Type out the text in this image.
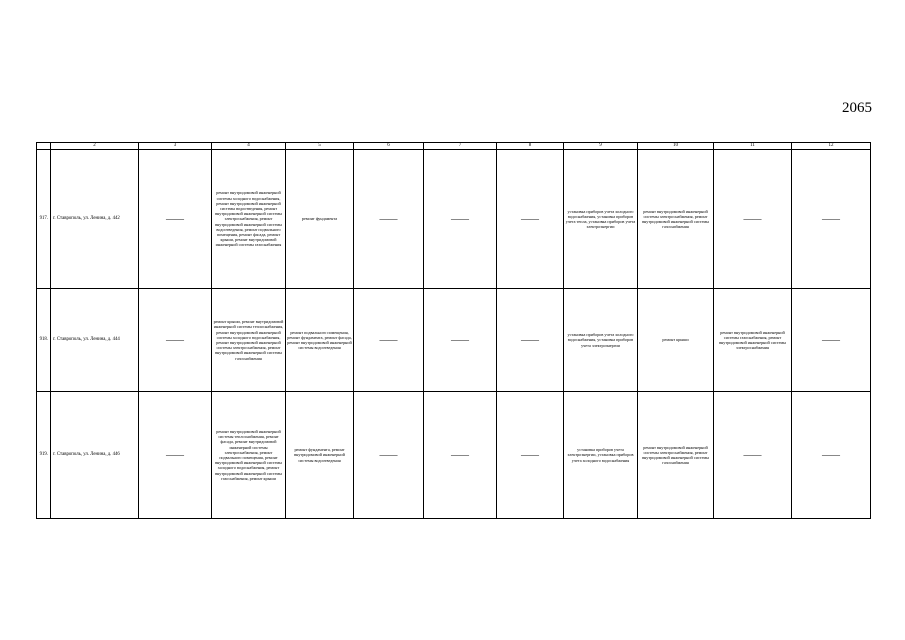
2065
	2	3	4	5	6	7	8	9	10	11	12
917.	г. Ставрополь, ул. Ленина, д. 442	——	ремонт внутридомовой инженерной системы холодного водоснабжения, ремонт внутридомовой инженерной системы водоотведения, ремонт внутридомовой инженерной системы электроснабжения, ремонт внутридомовой инженерной системы водоотведения, ремонт подвального помещения, ремонт фасада, ремонт крыши, ремонт внутридомовой инженерной системы газоснабжения	ремонт фундамента	——	——	——	установка приборов учета холодного водоснабжения, установка приборов учета тепла, установка приборов учета электроэнергии	ремонт внутридомовой инженерной системы электроснабжения, ремонт внутридомовой инженерной системы газоснабжения	——	——
918.	г. Ставрополь, ул. Ленина, д. 444	——	ремонт крыши, ремонт внутридомовой инженерной системы теплоснабжения, ремонт внутридомовой инженерной системы холодного водоснабжения, ремонт внутридомовой инженерной системы электроснабжения, ремонт внутридомовой инженерной системы газоснабжения	ремонт подвального помещения, ремонт фундамента, ремонт фасада, ремонт внутридомовой инженерной системы водоотведения	——	——	——	установка приборов учета холодного водоснабжения, установка приборов учета электроэнергии	ремонт крыши	ремонт внутридомовой инженерной системы газоснабжения, ремонт внутридомовой инженерной системы электроснабжения	——
919.	г. Ставрополь, ул. Ленина, д. 446	——	ремонт внутридомовой инженерной системы теплоснабжения, ремонт фасада, ремонт внутридомовой инженерной системы электроснабжения, ремонт подвального помещения, ремонт внутридомовой инженерной системы холодного водоснабжения, ремонт внутридомовой инженерной системы газоснабжения, ремонт крыши	ремонт фундамента, ремонт внутридомовой инженерной системы водоотведения	——	——	——	установка приборов учета электроэнергии, установка приборов учета холодного водоснабжения	ремонт внутридомовой инженерной системы электроснабжения, ремонт внутридомовой инженерной системы газоснабжения	——	——
